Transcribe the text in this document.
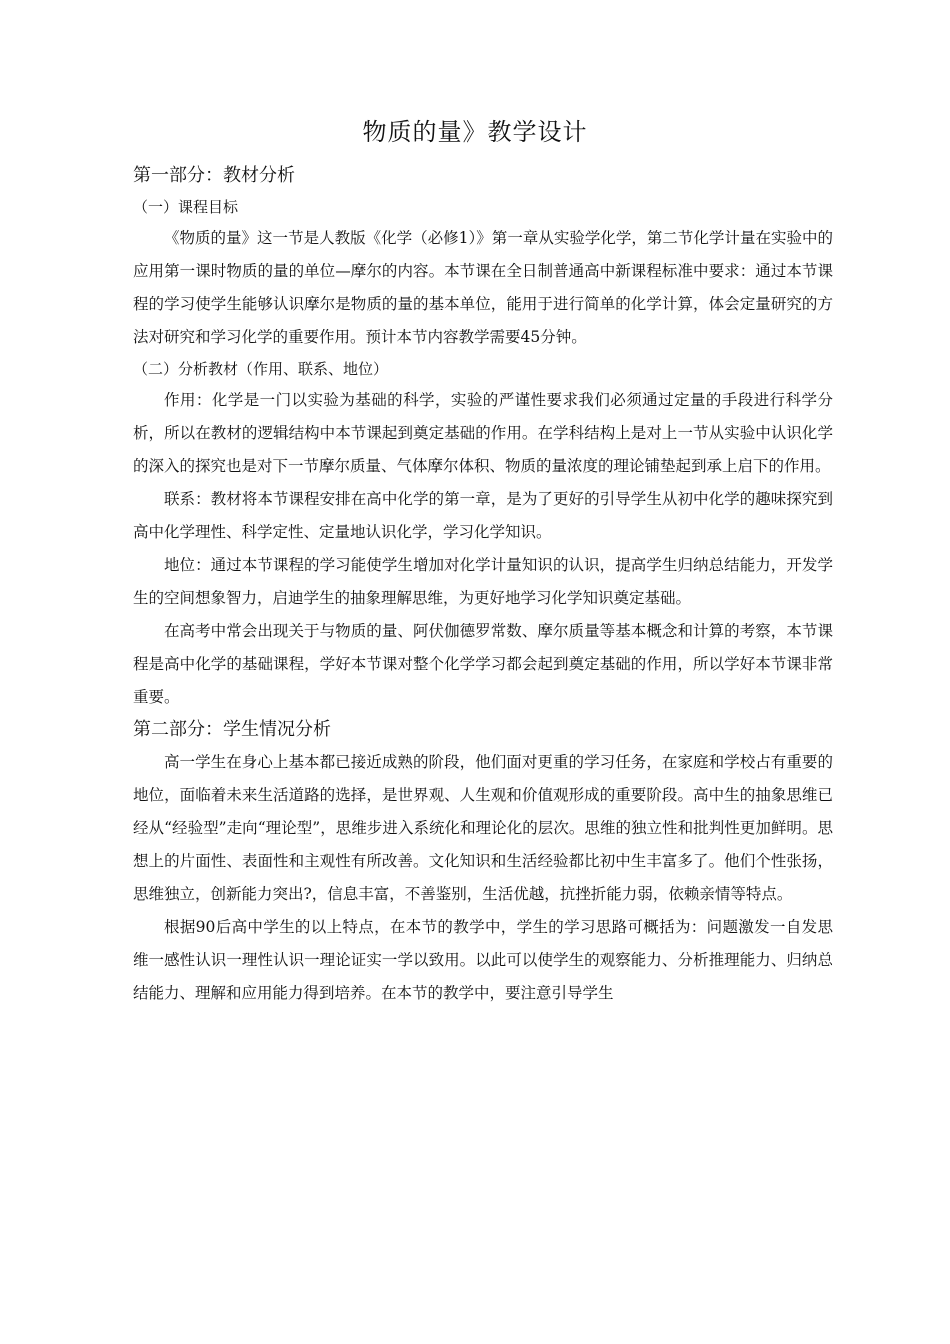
物质的量》教学设计
第一部分：教材分析
（一）课程目标

《物质的量》这一节是人教版《化学（必修1）》第一章从实验学化学，第二节化学计量在实验中的应用第一课时物质的量的单位—摩尔的内容。本节课在全日制普通高中新课程标准中要求：通过本节课程的学习使学生能够认识摩尔是物质的量的基本单位，能用于进行简单的化学计算，体会定量研究的方法对研究和学习化学的重要作用。预计本节内容教学需要45分钟。

（二）分析教材（作用、联系、地位）

作用：化学是一门以实验为基础的科学，实验的严谨性要求我们必须通过定量的手段进行科学分析，所以在教材的逻辑结构中本节课起到奠定基础的作用。在学科结构上是对上一节从实验中认识化学的深入的探究也是对下一节摩尔质量、气体摩尔体积、物质的量浓度的理论铺垫起到承上启下的作用。

联系：教材将本节课程安排在高中化学的第一章，是为了更好的引导学生从初中化学的趣味探究到高中化学理性、科学定性、定量地认识化学，学习化学知识。

地位：通过本节课程的学习能使学生增加对化学计量知识的认识，提高学生归纳总结能力，开发学生的空间想象智力，启迪学生的抽象理解思维，为更好地学习化学知识奠定基础。

在高考中常会出现关于与物质的量、阿伏伽德罗常数、摩尔质量等基本概念和计算的考察，本节课程是高中化学的基础课程，学好本节课对整个化学学习都会起到奠定基础的作用，所以学好本节课非常重要。

第二部分：学生情况分析

高一学生在身心上基本都已接近成熟的阶段，他们面对更重的学习任务，在家庭和学校占有重要的地位，面临着未来生活道路的选择，是世界观、人生观和价值观形成的重要阶段。高中生的抽象思维已经从“经验型”走向“理论型”，思维步进入系统化和理论化的层次。思维的独立性和批判性更加鲜明。思想上的片面性、表面性和主观性有所改善。文化知识和生活经验都比初中生丰富多了。他们个性张扬，思维独立，创新能力突出?，信息丰富，不善鉴别，生活优越，抗挫折能力弱，依赖亲情等特点。

根据90后高中学生的以上特点，在本节的教学中，学生的学习思路可概括为：问题激发一自发思维一感性认识一理性认识一理论证实一学以致用。以此可以使学生的观察能力、分析推理能力、归纳总结能力、理解和应用能力得到培养。在本节的教学中，要注意引导学生
